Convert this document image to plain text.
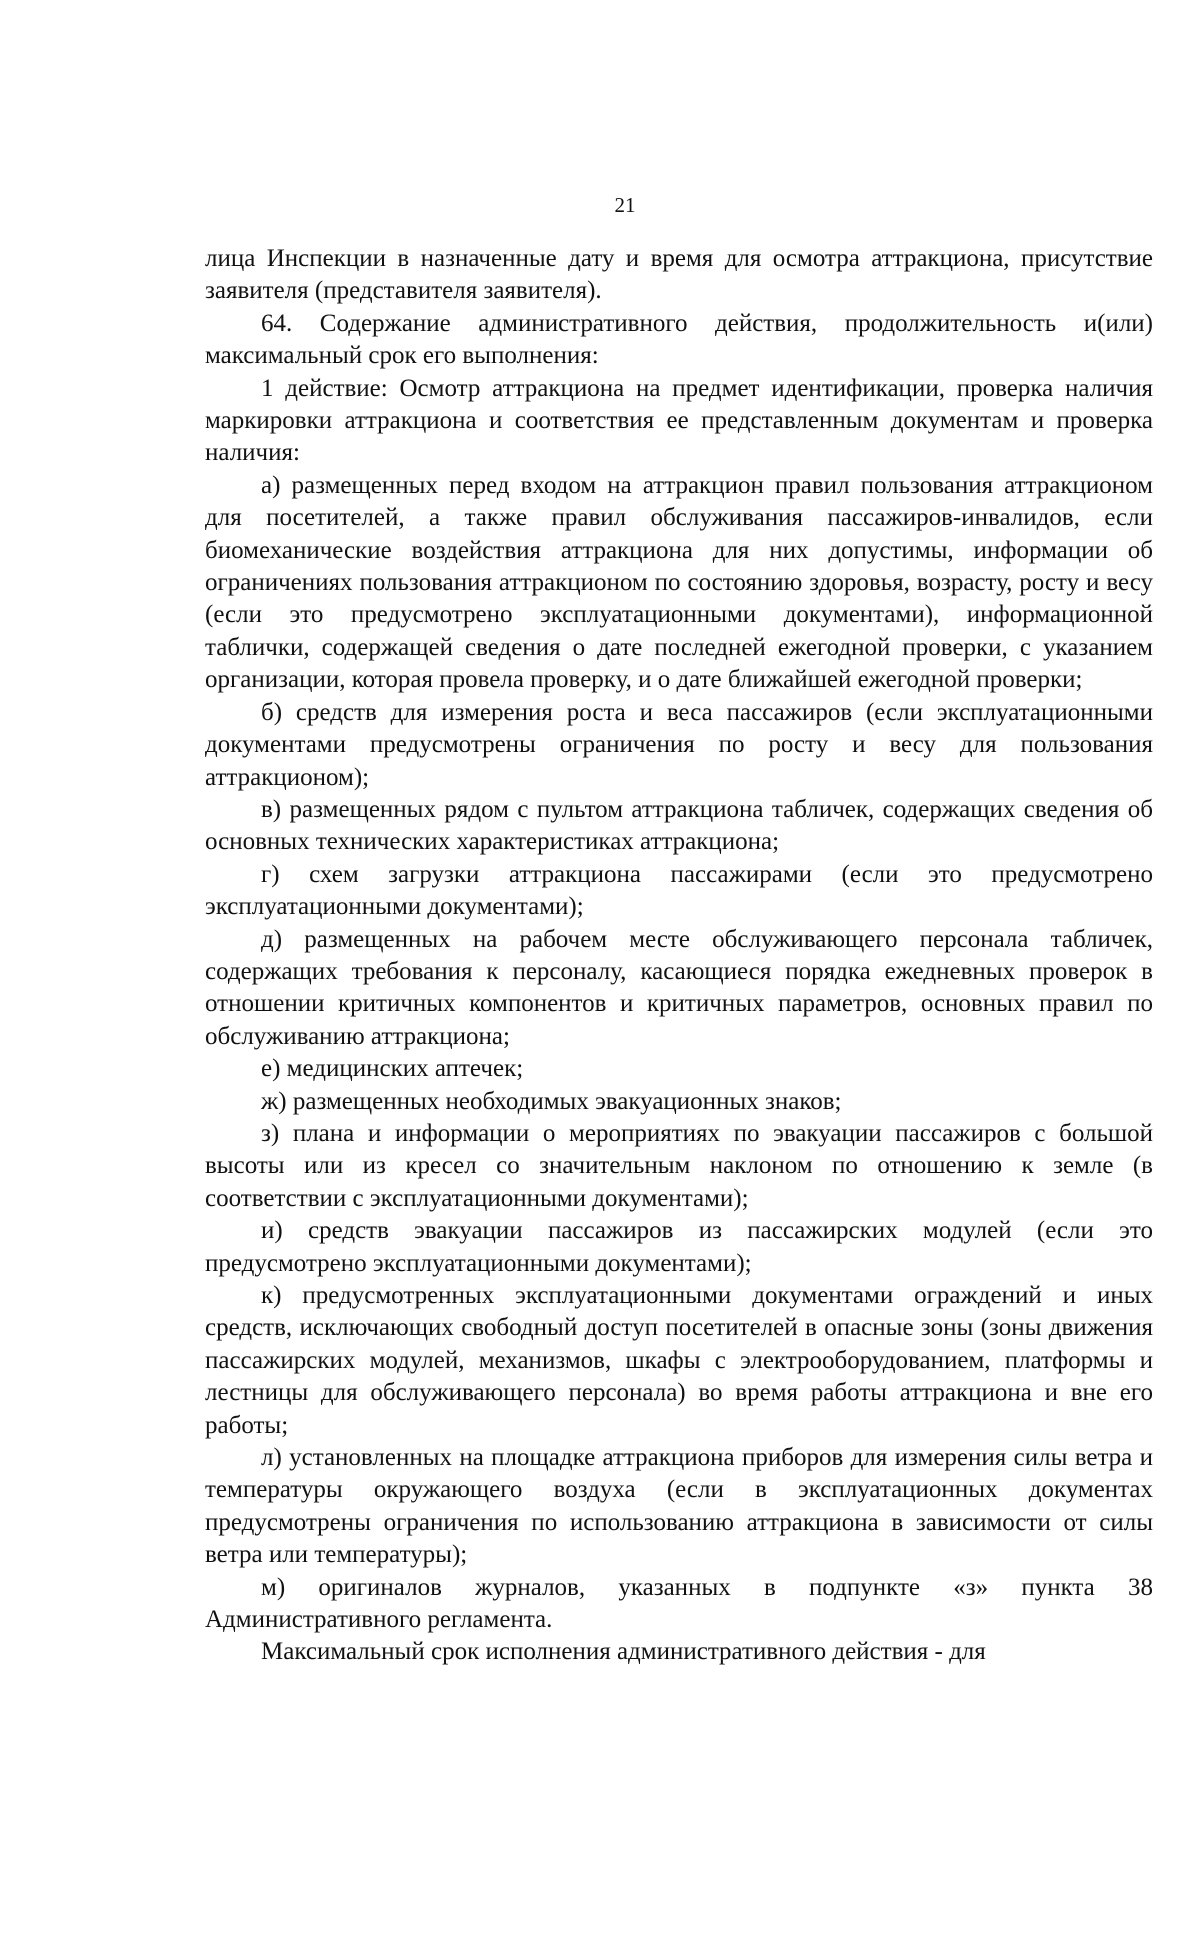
21

лица Инспекции в назначенные дату и время для осмотра аттракциона, присутствие заявителя (представителя заявителя).

64. Содержание административного действия, продолжительность и(или) максимальный срок его выполнения:

1 действие: Осмотр аттракциона на предмет идентификации, проверка наличия маркировки аттракциона и соответствия ее представленным документам и проверка наличия:

а) размещенных перед входом на аттракцион правил пользования аттракционом для посетителей, а также правил обслуживания пассажиров-инвалидов, если биомеханические воздействия аттракциона для них допустимы, информации об ограничениях пользования аттракционом по состоянию здоровья, возрасту, росту и весу (если это предусмотрено эксплуатационными документами), информационной таблички, содержащей сведения о дате последней ежегодной проверки, с указанием организации, которая провела проверку, и о дате ближайшей ежегодной проверки;

б) средств для измерения роста и веса пассажиров (если эксплуатационными документами предусмотрены ограничения по росту и весу для пользования аттракционом);

в) размещенных рядом с пультом аттракциона табличек, содержащих сведения об основных технических характеристиках аттракциона;

г) схем загрузки аттракциона пассажирами (если это предусмотрено эксплуатационными документами);

д) размещенных на рабочем месте обслуживающего персонала табличек, содержащих требования к персоналу, касающиеся порядка ежедневных проверок в отношении критичных компонентов и критичных параметров, основных правил по обслуживанию аттракциона;

е) медицинских аптечек;

ж) размещенных необходимых эвакуационных знаков;

з) плана и информации о мероприятиях по эвакуации пассажиров с большой высоты или из кресел со значительным наклоном по отношению к земле (в соответствии с эксплуатационными документами);

и) средств эвакуации пассажиров из пассажирских модулей (если это предусмотрено эксплуатационными документами);

к) предусмотренных эксплуатационными документами ограждений и иных средств, исключающих свободный доступ посетителей в опасные зоны (зоны движения пассажирских модулей, механизмов, шкафы с электрооборудованием, платформы и лестницы для обслуживающего персонала) во время работы аттракциона и вне его работы;

л) установленных на площадке аттракциона приборов для измерения силы ветра и температуры окружающего воздуха (если в эксплуатационных документах предусмотрены ограничения по использованию аттракциона в зависимости от силы ветра или температуры);

м) оригиналов журналов, указанных в подпункте «з» пункта 38 Административного регламента.

Максимальный срок исполнения административного действия - для
